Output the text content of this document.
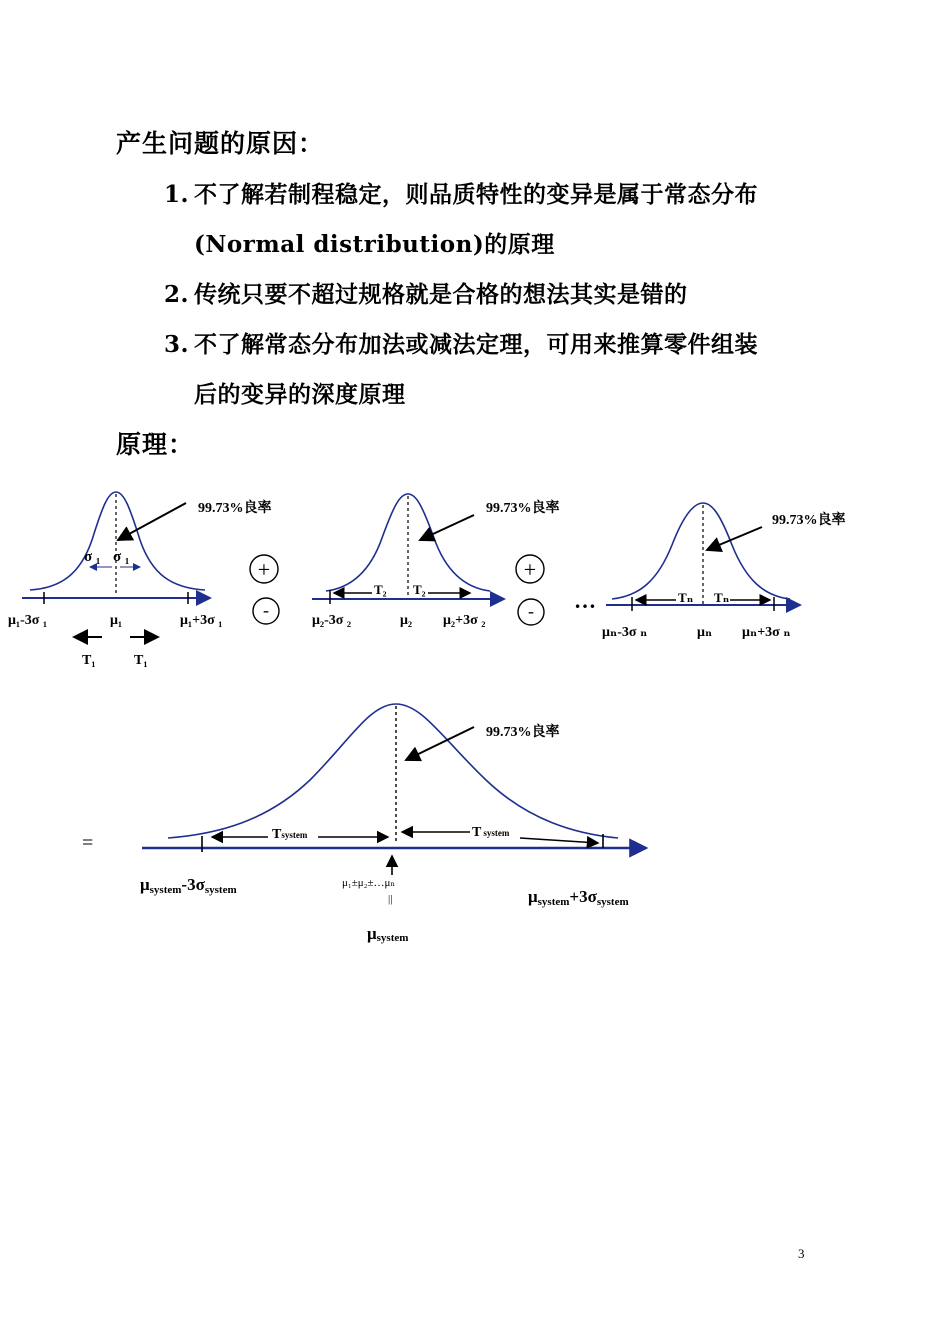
产生问题的原因：
1. 不了解若制程稳定，则品质特性的变异是属于常态分布
(Normal distribution)的原理
2. 传统只要不超过规格就是合格的想法其实是错的
3. 不了解常态分布加法或减法定理，可用来推算零件组装
后的变异的深度原理
原理：
σ ₁ σ ₁
μ₁-3σ ₁	μ₁	μ₁+3σ ₁
T₁	T₁
99.73%良率
+
-
T₂ T₂
μ₂-3σ ₂	μ₂ μ₂+3σ ₂
99.73%良率
+
- …	Tₙ Tₙ
μₙ-3σ ₙ	μₙ μₙ+3σ ₙ
99.73%良率
=	Tsystem	Tsystem
99.73%良率
μsystem-3σsystem
μ₁±μ₂±…μₙ
||
μsystem
μsystem+3σsystem
3
